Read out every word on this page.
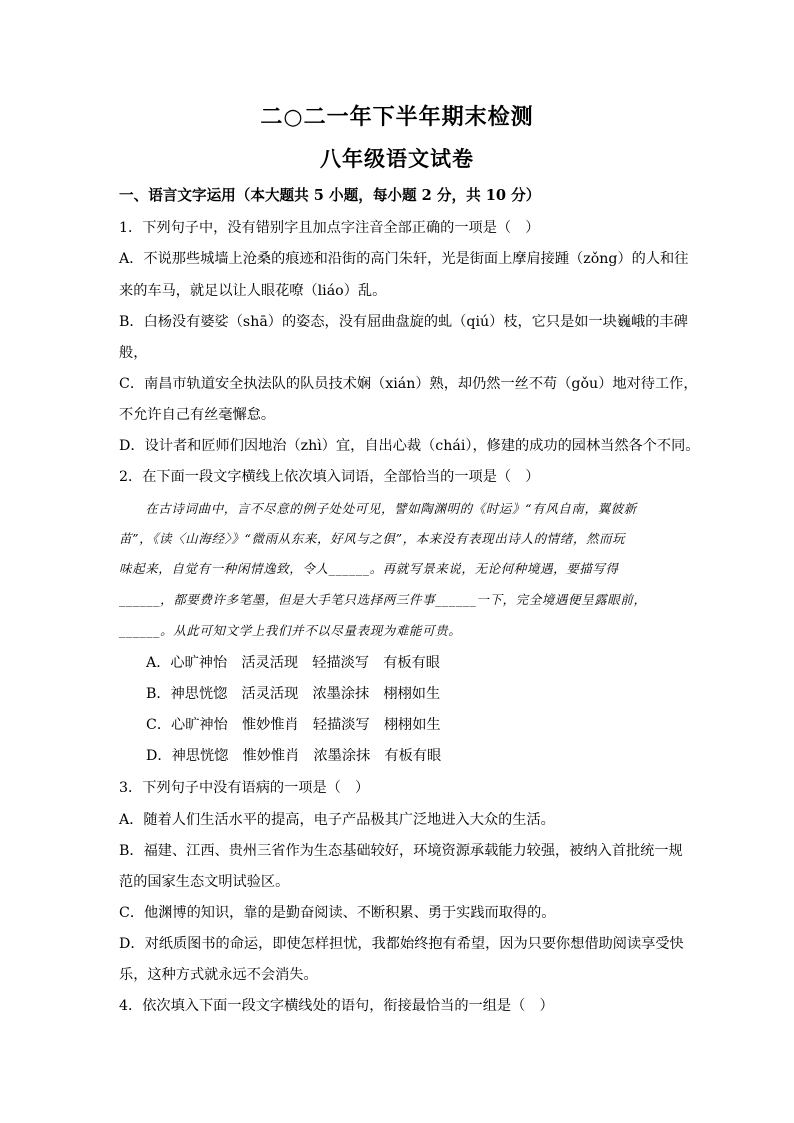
二○二一年下半年期末检测
八年级语文试卷
一、语言文字运用（本大题共 5 小题，每小题 2 分，共 10 分）
1．下列句子中，没有错别字且加点字注音全部正确的一项是（　）
A．不说那些城墙上沧桑的痕迹和沿街的高门朱轩，光是街面上摩肩接踵（zǒng）的人和往
来的车马，就足以让人眼花嘹（liáo）乱。
B．白杨没有婆娑（shā）的姿态，没有屈曲盘旋的虬（qiú）枝，它只是如一块巍峨的丰碑
般，
C．南昌市轨道安全执法队的队员技术娴（xián）熟，却仍然一丝不苟（gǒu）地对待工作，
不允许自己有丝毫懈怠。
D．设计者和匠师们因地治（zhì）宜，自出心裁（chái），修建的成功的园林当然各个不同。
2．在下面一段文字横线上依次填入词语，全部恰当的一项是（　）
　　在古诗词曲中，言不尽意的例子处处可见，譬如陶渊明的《时运》“有风自南，翼彼新
苗”，《读〈山海经〉》“微雨从东来，好风与之俱”，本来没有表现出诗人的情绪，然而玩
味起来，自觉有一种闲情逸致，令人______。再就写景来说，无论何种境遇，要描写得
______，都要费许多笔墨，但是大手笔只选择两三件事______一下，完全境遇便呈露眼前，
______。从此可知文学上我们并不以尽量表现为难能可贵。
A．心旷神怡　活灵活现　轻描淡写　有板有眼
B．神思恍惚　活灵活现　浓墨涂抹　栩栩如生
C．心旷神怡　惟妙惟肖　轻描淡写　栩栩如生
D．神思恍惚　惟妙惟肖　浓墨涂抹　有板有眼
3．下列句子中没有语病的一项是（　）
A．随着人们生活水平的提高，电子产品极其广泛地进入大众的生活。
B．福建、江西、贵州三省作为生态基础较好，环境资源承载能力较强，被纳入首批统一规
范的国家生态文明试验区。
C．他渊博的知识，靠的是勤奋阅读、不断积累、勇于实践而取得的。
D．对纸质图书的命运，即使怎样担忧，我都始终抱有希望，因为只要你想借助阅读享受快
乐，这种方式就永远不会消失。
4．依次填入下面一段文字横线处的语句，衔接最恰当的一组是（　）
